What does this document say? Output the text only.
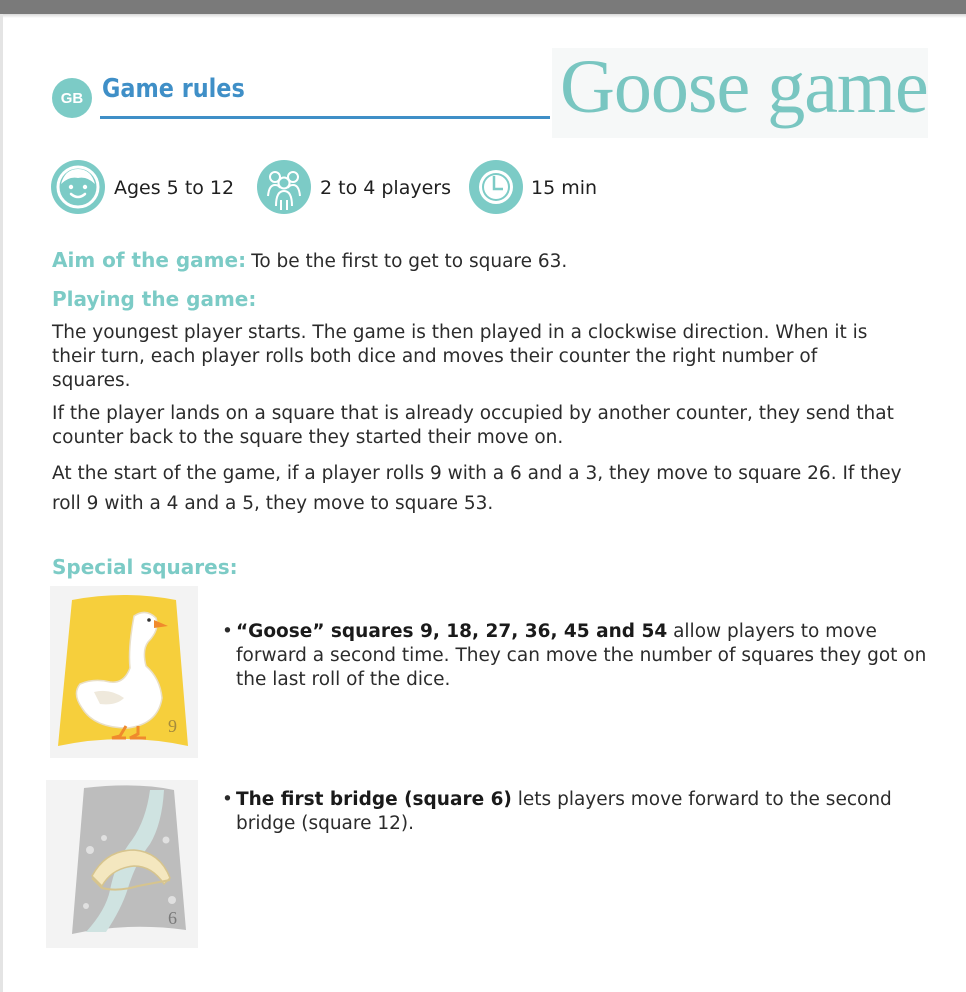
GB Game rules	Goose game
Ages 5 to 12	2 to 4 players	15 min
Aim of the game: To be the first to get to square 63.
Playing the game:
The youngest player starts. The game is then played in a clockwise direction. When it is their turn, each player rolls both dice and moves their counter the right number of squares.
If the player lands on a square that is already occupied by another counter, they send that counter back to the square they started their move on.
At the start of the game, if a player rolls 9 with a 6 and a 3, they move to square 26. If they roll 9 with a 4 and a 5, they move to square 53.
Special squares:
9
• “Goose” squares 9, 18, 27, 36, 45 and 54 allow players to move forward a second time. They can move the number of squares they got on the last roll of the dice.
6
• The first bridge (square 6) lets players move forward to the second bridge (square 12).
